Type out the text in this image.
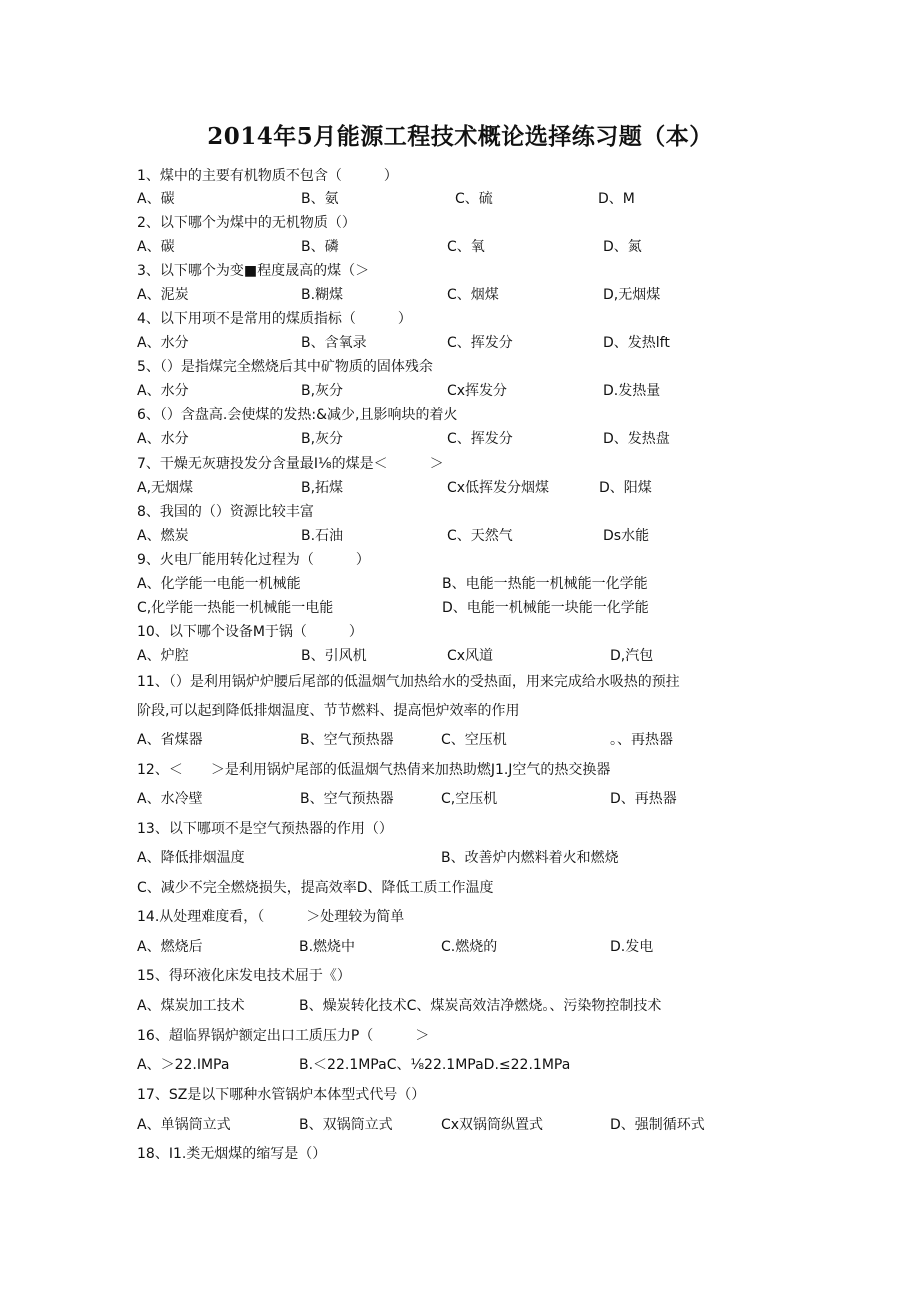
2014年5月能源工程技术概论选择练习题（本）
1、煤中的主要有机物质不包含（　　　）
A、碳	B、氨	C、硫	D、M
2、以下哪个为煤中的无机物质（）
A、碳	B、磷	C、氧	D、氮
3、以下哪个为变■程度晟高的煤（＞
A、泥炭	B.糊煤	C、烟煤	D,无烟煤
4、以下用项不是常用的煤质指标（　　　）
A、水分	B、含氧录	C、挥发分	D、发热lft
5、（）是指煤完全燃烧后其中矿物质的固体残余
A、水分	B,灰分	Cx挥发分	D.发热量
6、（）含盘高.会使煤的发热:&减少,且影响块的着火
A、水分	B,灰分	C、挥发分	D、发热盘
7、干燥无灰瑭投发分含量最I⅛的煤是＜　　　＞
A,无烟煤	B,拓煤	Cx低挥发分烟煤	D、阳煤
8、我国的（）资源比较丰富
A、燃炭	B.石油	C、天然气	Ds水能
9、火电厂能用转化过程为（　　　）
A、化学能一电能一机械能	B、电能一热能一机械能一化学能
C,化学能一热能一机械能一电能	D、电能一机械能一块能一化学能
10、以下哪个设备M于锅（　　　）
A、炉腔	B、引风机	Cx风道	D,汽包
11、（）是利用锅炉炉腰后尾部的低温烟气加热给水的受热面，用来完成给水吸热的预拄
阶段,可以起到降低排烟温度、节节燃料、提高悒炉效率的作用
A、省煤器	B、空气预热器	C、空压机	。、再热器
12、＜　　＞是利用锅炉尾部的低温烟气热倩来加热助燃J1.J空气的热交换器
A、水冷壁	B、空气预热器	C,空压机	D、再热器
13、以下哪项不是空气预热器的作用（）
A、降低排烟温度	B、改善炉内燃料着火和燃烧
C、减少不完全燃烧损失，提高效率D、降低工质工作温度
14.从处理难度看，（　　　＞处理较为简单
A、燃烧后	B.燃烧中	C.燃烧的	D.发电
15、得环液化床发电技术屈于《）
A、煤炭加工技术	B、燥炭转化技术C、煤炭高效洁净燃烧。、污染物控制技术
16、超临界锅炉额定出口工质压力P（　　　＞
A、＞22.IMPa	B.＜22.1MPaC、⅛22.1MPaD.≤22.1MPa
17、SZ是以下哪种水管锅炉本体型式代号（）
A、单锅筒立式	B、双锅筒立式	Cx双锅筒纵置式	D、强制循环式
18、I1.类无烟煤的缩写是（）
